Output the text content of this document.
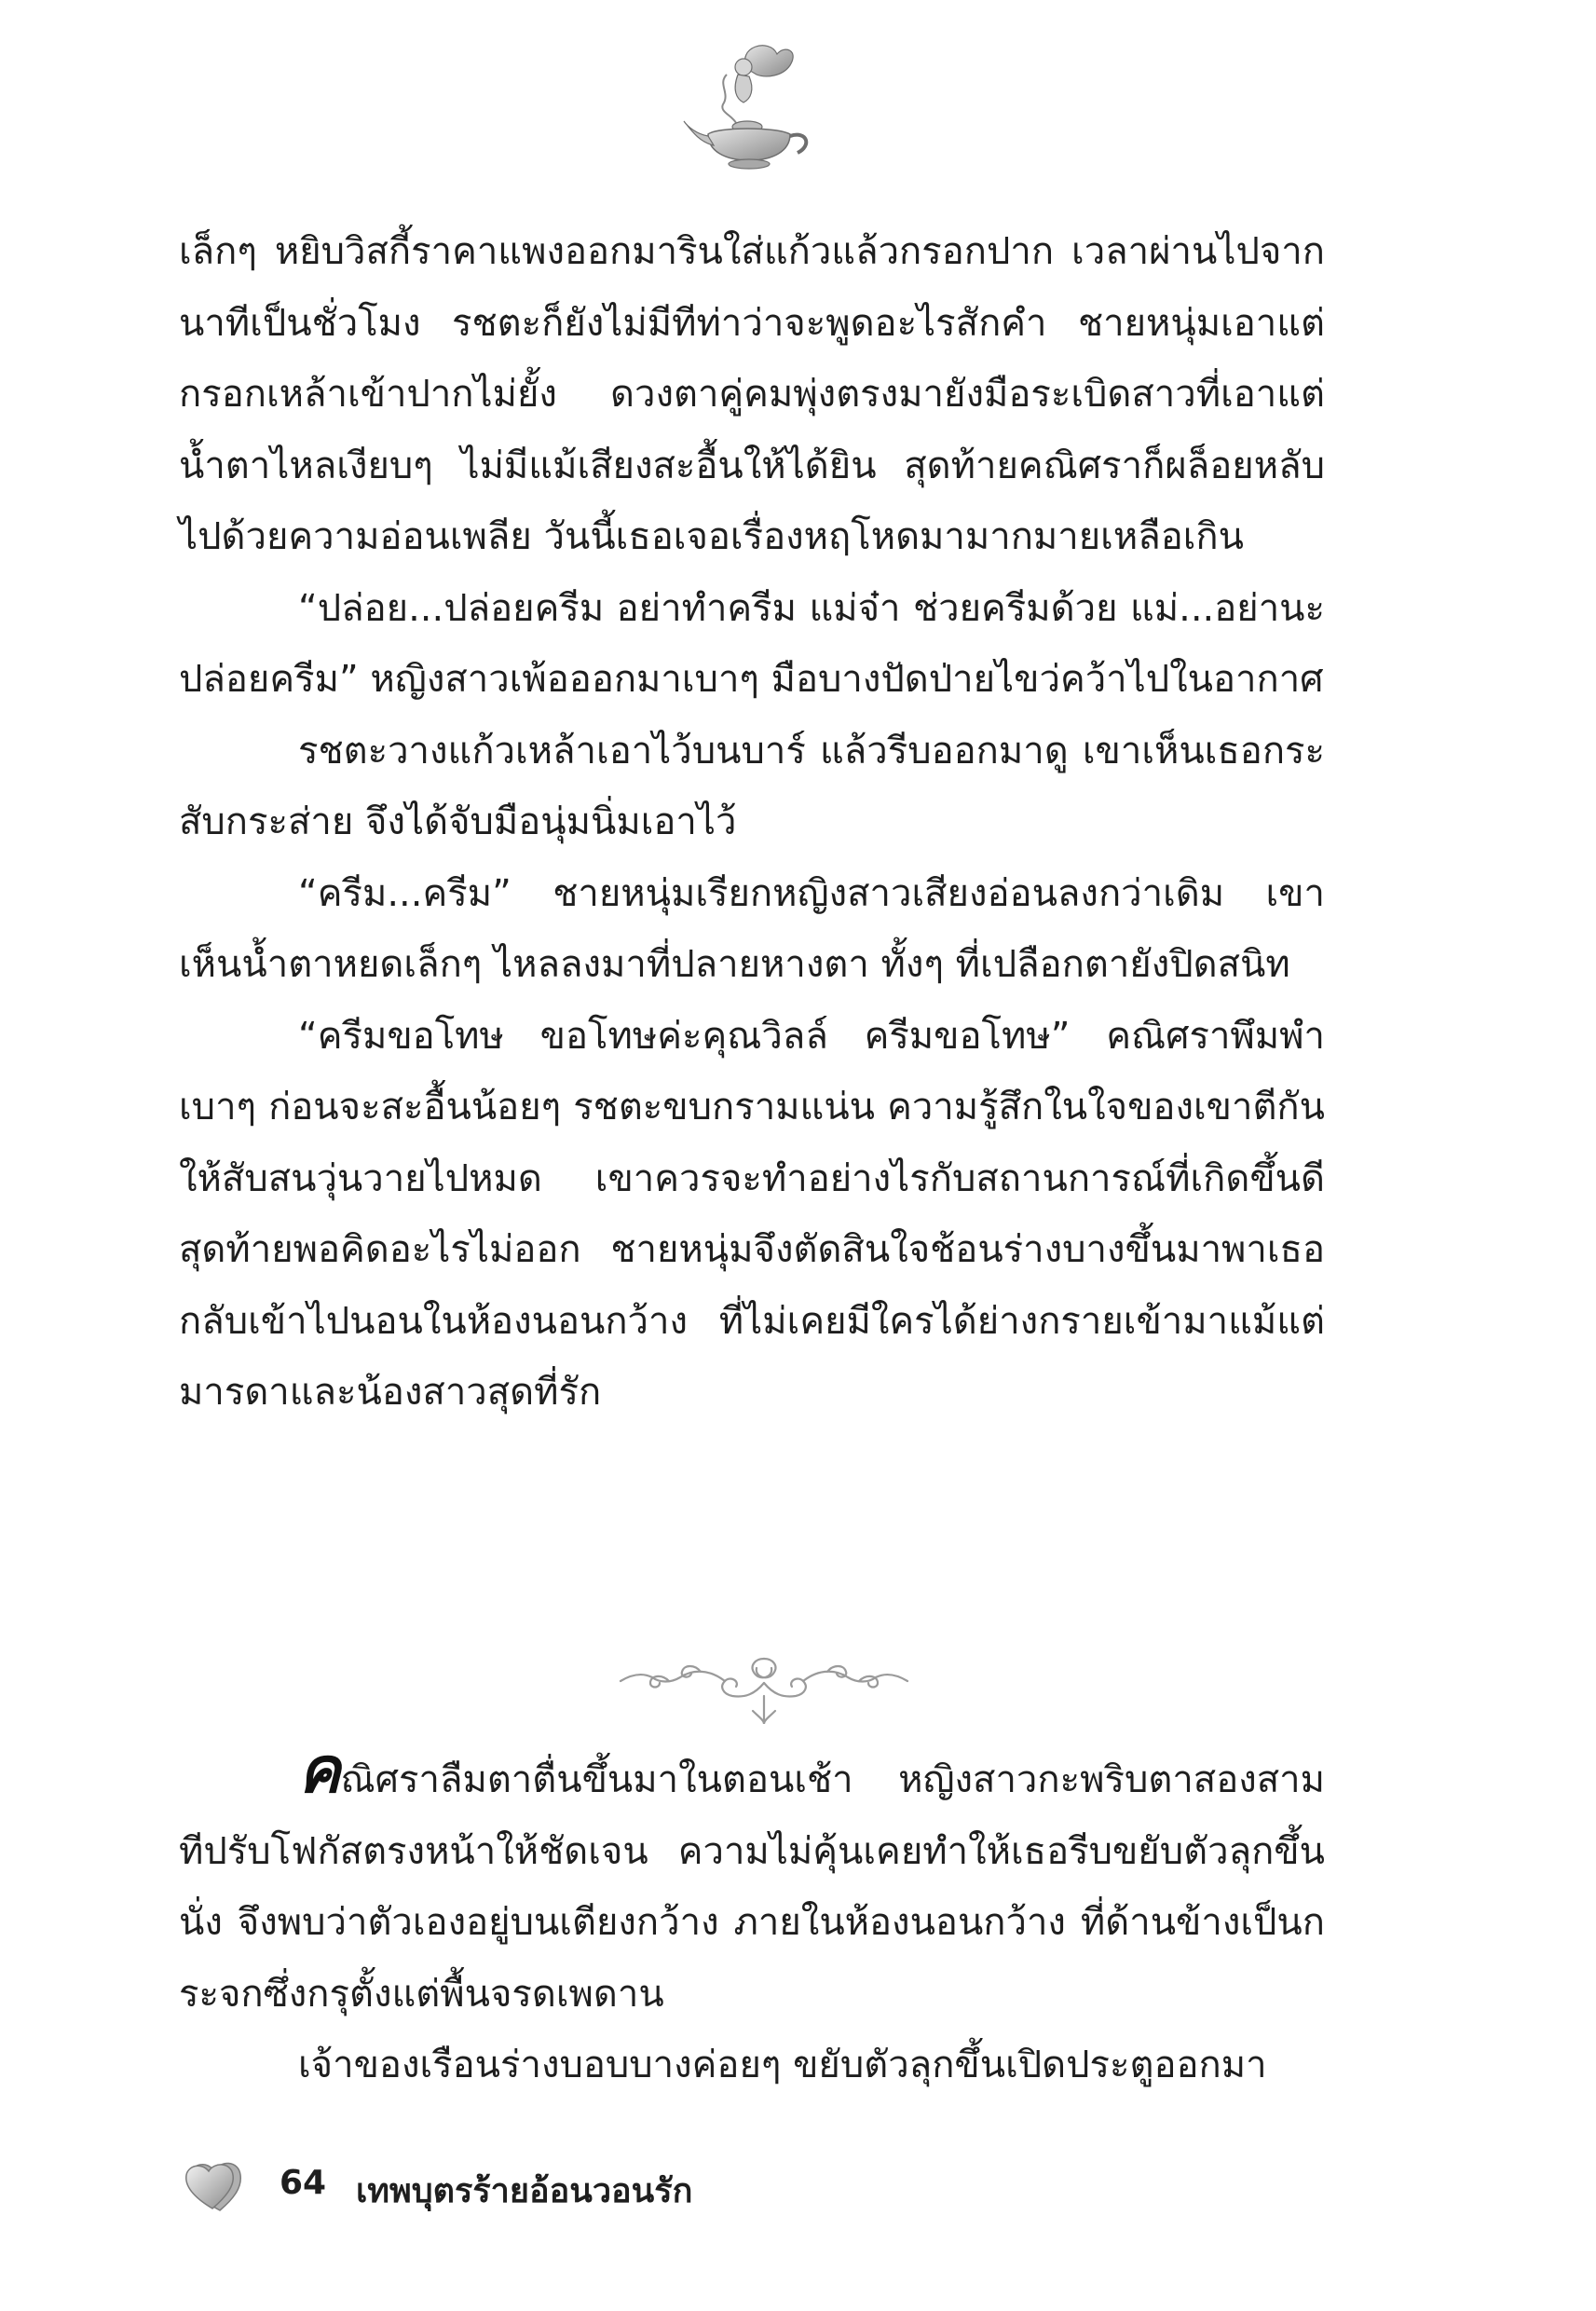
เล็กๆ หยิบวิสกี้ราคาแพงออกมารินใส่แก้วแล้วกรอกปาก เวลาผ่านไปจากนาทีเป็นชั่วโมง รชตะก็ยังไม่มีทีท่าว่าจะพูดอะไรสักคำ ชายหนุ่มเอาแต่กรอกเหล้าเข้าปากไม่ยั้ง ดวงตาคู่คมพุ่งตรงมายังมือระเบิดสาวที่เอาแต่น้ำตาไหลเงียบๆ ไม่มีแม้เสียงสะอื้นให้ได้ยิน สุดท้ายคณิศราก็ผล็อยหลับไปด้วยความอ่อนเพลีย วันนี้เธอเจอเรื่องหฤโหดมามากมายเหลือเกิน

“ปล่อย...ปล่อยครีม อย่าทำครีม แม่จ๋า ช่วยครีมด้วย แม่...อย่านะ ปล่อยครีม” หญิงสาวเพ้อออกมาเบาๆ มือบางปัดป่ายไขว่คว้าไปในอากาศ

รชตะวางแก้วเหล้าเอาไว้บนบาร์ แล้วรีบออกมาดู เขาเห็นเธอกระสับกระส่าย จึงได้จับมือนุ่มนิ่มเอาไว้

“ครีม...ครีม” ชายหนุ่มเรียกหญิงสาวเสียงอ่อนลงกว่าเดิม เขาเห็นน้ำตาหยดเล็กๆ ไหลลงมาที่ปลายหางตา ทั้งๆ ที่เปลือกตายังปิดสนิท

“ครีมขอโทษ ขอโทษค่ะคุณวิลล์ ครีมขอโทษ” คณิศราพึมพำเบาๆ ก่อนจะสะอื้นน้อยๆ รชตะขบกรามแน่น ความรู้สึกในใจของเขาตีกันให้สับสนวุ่นวายไปหมด เขาควรจะทำอย่างไรกับสถานการณ์ที่เกิดขึ้นดี สุดท้ายพอคิดอะไรไม่ออก ชายหนุ่มจึงตัดสินใจช้อนร่างบางขึ้นมาพาเธอกลับเข้าไปนอนในห้องนอนกว้าง ที่ไม่เคยมีใครได้ย่างกรายเข้ามาแม้แต่มารดาและน้องสาวสุดที่รัก

คณิศราลืมตาตื่นขึ้นมาในตอนเช้า หญิงสาวกะพริบตาสองสามทีปรับโฟกัสตรงหน้าให้ชัดเจน ความไม่คุ้นเคยทำให้เธอรีบขยับตัวลุกขึ้นนั่ง จึงพบว่าตัวเองอยู่บนเตียงกว้าง ภายในห้องนอนกว้าง ที่ด้านข้างเป็นกระจกซึ่งกรุตั้งแต่พื้นจรดเพดาน

เจ้าของเรือนร่างบอบบางค่อยๆ ขยับตัวลุกขึ้นเปิดประตูออกมา

64 เทพบุตรร้ายอ้อนวอนรัก
